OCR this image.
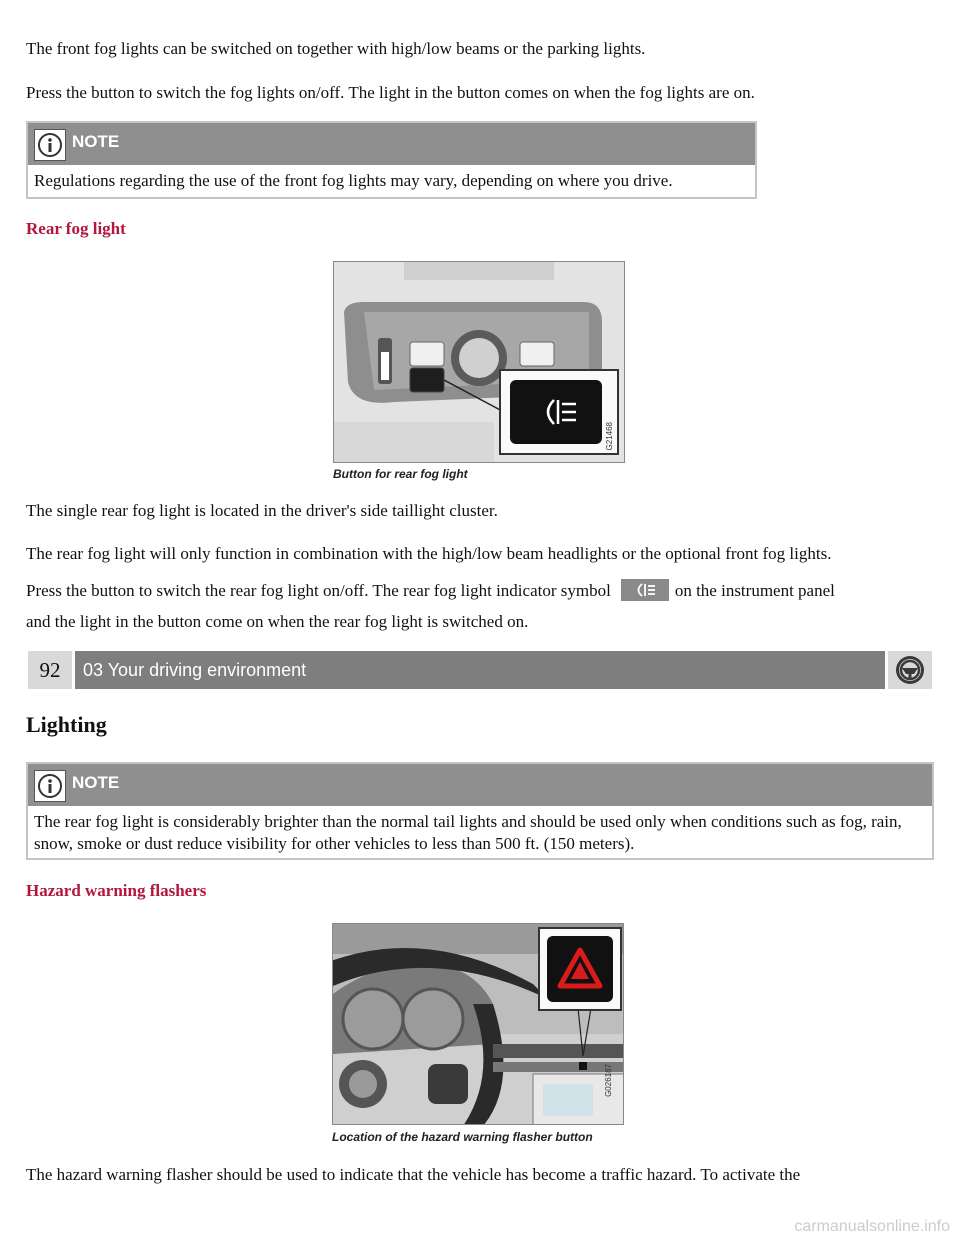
The front fog lights can be switched on together with high/low beams or the parking lights.
Press the button to switch the fog lights on/off. The light in the button comes on when the fog lights are on.
NOTE
Regulations regarding the use of the front fog lights may vary, depending on where you drive.
Rear fog light
G21468
Button for rear fog light
The single rear fog light is located in the driver's side taillight cluster.
The rear fog light will only function in combination with the high/low beam headlights or the optional front fog lights.
Press the button to switch the rear fog light on/off. The rear fog light indicator symbol	on the instrument panel
and the light in the button come on when the rear fog light is switched on.
92	03 Your driving environment
Lighting
NOTE
The rear fog light is considerably brighter than the normal tail lights and should be used only when conditions such as fog, rain, snow, smoke or dust reduce visibility for other vehicles to less than 500 ft. (150 meters).
Hazard warning flashers
G026187
Location of the hazard warning flasher button
The hazard warning flasher should be used to indicate that the vehicle has become a traffic hazard. To activate the
carmanualsonline.info
